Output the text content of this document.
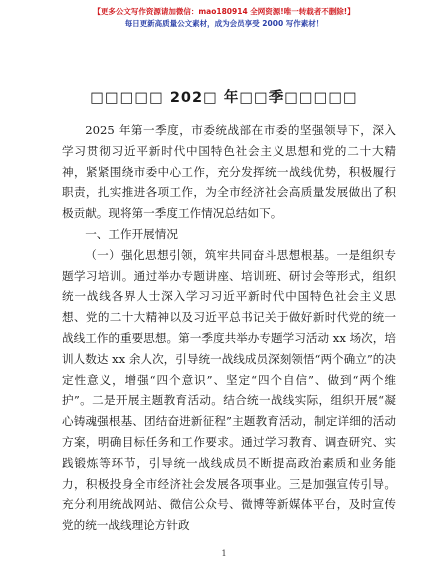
【更多公文写作资源请加微信：mao180914 全网资源!唯一转载者不删除!】
每日更新高质量公文素材，成为会员享受 2000 写作素材！
□□□□□ 202□ 年□□季□□□□□

2025 年第一季度，市委统战部在市委的坚强领导下，深入学习贯彻习近平新时代中国特色社会主义思想和党的二十大精神，紧紧围绕市委中心工作，充分发挥统一战线优势，积极履行职责，扎实推进各项工作，为全市经济社会高质量发展做出了积极贡献。现将第一季度工作情况总结如下。

一、工作开展情况

（一）强化思想引领，筑牢共同奋斗思想根基。一是组织专题学习培训。通过举办专题讲座、培训班、研讨会等形式，组织统一战线各界人士深入学习习近平新时代中国特色社会主义思想、党的二十大精神以及习近平总书记关于做好新时代党的统一战线工作的重要思想。第一季度共举办专题学习活动 xx 场次，培训人数达 xx 余人次，引导统一战线成员深刻领悟“两个确立”的决定性意义，增强“四个意识”、坚定“四个自信”、做到“两个维护”。二是开展主题教育活动。结合统一战线实际，组织开展“凝心铸魂强根基、团结奋进新征程”主题教育活动，制定详细的活动方案，明确目标任务和工作要求。通过学习教育、调查研究、实践锻炼等环节，引导统一战线成员不断提高政治素质和业务能力，积极投身全市经济社会发展各项事业。三是加强宣传引导。充分利用统战网站、微信公众号、微博等新媒体平台，及时宣传党的统一战线理论方针政

1
